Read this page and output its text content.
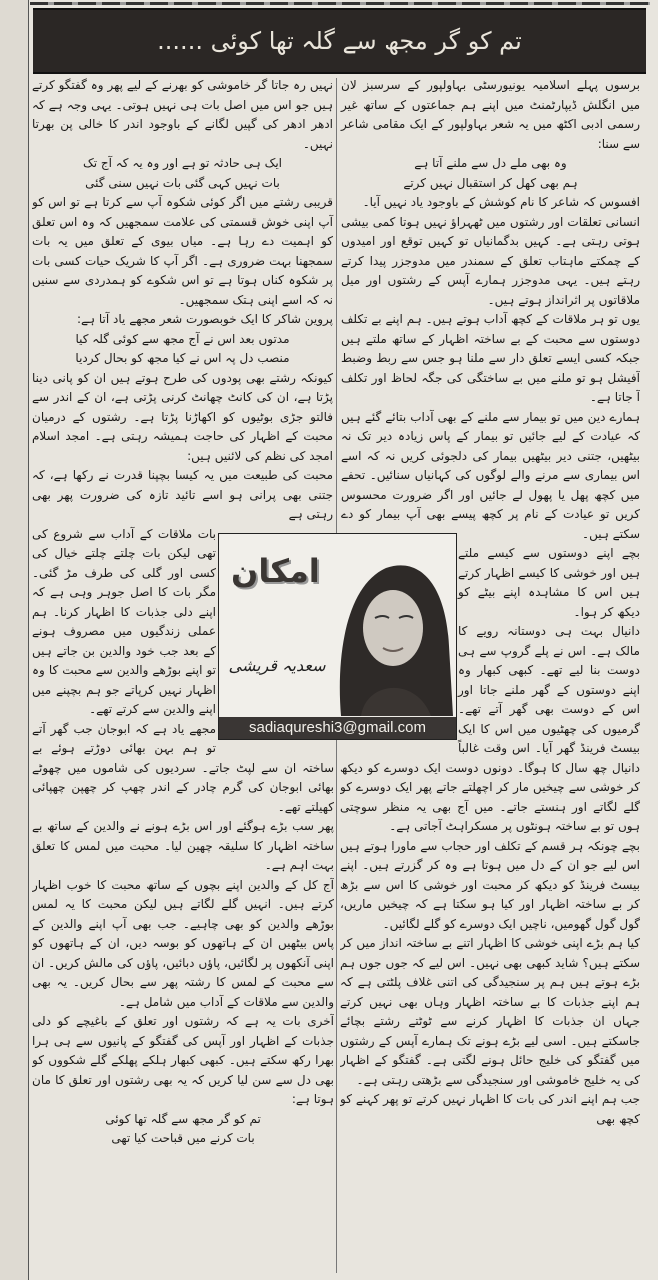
تم کو گر مجھ سے گلہ تھا کوئی ......

برسوں پہلے اسلامیہ یونیورسٹی بہاولپور کے سرسبز لان میں انگلش ڈیپارٹمنٹ میں اپنے ہم جماعتوں کے ساتھ غیر رسمی ادبی اکٹھ میں یہ شعر بہاولپور کے ایک مقامی شاعر سے سنا:

وہ بھی ملے دل سے ملنے آتا ہے
ہم بھی کھل کر استقبال نہیں کرتے

افسوس کہ شاعر کا نام کوشش کے باوجود یاد نہیں آیا۔

انسانی تعلقات اور رشتوں میں ٹھہراؤ نہیں ہوتا کمی بیشی ہوتی رہتی ہے۔ کہیں بدگمانیاں تو کہیں توقع اور امیدوں کے چمکتے ماہتاب تعلق کے سمندر میں مدوجزر پیدا کرتے رہتے ہیں۔ یہی مدوجزر ہمارے آپس کے رشتوں اور میل ملاقاتوں پر اثرانداز ہوتے ہیں۔

یوں تو ہر ملاقات کے کچھ آداب ہوتے ہیں۔ ہم اپنے بے تکلف دوستوں سے محبت کے بے ساختہ اظہار کے ساتھ ملتے ہیں جبکہ کسی ایسے تعلق دار سے ملنا ہو جس سے ربط وضبط آفیشل ہو تو ملنے میں بے ساختگی کی جگہ لحاظ اور تکلف آ جاتا ہے۔

ہمارے دین میں تو بیمار سے ملنے کے بھی آداب بتائے گئے ہیں کہ عیادت کے لیے جائیں تو بیمار کے پاس زیادہ دیر تک نہ بیٹھیں، جتنی دیر بیٹھیں بیمار کی دلجوئی کریں نہ کہ اسے اس بیماری سے مرنے والے لوگوں کی کہانیاں سنائیں۔ تحفے میں کچھ پھل یا پھول لے جائیں اور اگر ضرورت محسوس کریں تو عیادت کے نام پر کچھ پیسے بھی آپ بیمار کو دے سکتے ہیں۔

بچے اپنے دوستوں سے کیسے ملتے ہیں اور خوشی کا کیسے اظہار کرتے ہیں اس کا مشاہدہ اپنے بیٹے کو دیکھ کر ہوا۔

دانیال بہت ہی دوستانہ رویے کا مالک ہے۔ اس نے پلے گروپ سے ہی دوست بنا لیے تھے۔ کبھی کبھار وہ اپنے دوستوں کے گھر ملنے جاتا اور اس کے دوست بھی گھر آتے تھے۔ گرمیوں کی چھٹیوں میں اس کا ایک بیسٹ فرینڈ گھر آیا۔ اس وقت غالباً دانیال چھ سال کا ہوگا۔ دونوں دوست ایک دوسرے کو دیکھ کر خوشی سے چیخیں مار کر اچھلتے جاتے پھر ایک دوسرے کو گلے لگاتے اور ہنستے جاتے۔ میں آج بھی یہ منظر سوچتی ہوں تو بے ساختہ ہونٹوں پر مسکراہٹ آجاتی ہے۔

بچے چونکہ ہر قسم کے تکلف اور حجاب سے ماورا ہوتے ہیں اس لیے جو ان کے دل میں ہوتا ہے وہ کر گزرتے ہیں۔ اپنے بیسٹ فرینڈ کو دیکھ کر محبت اور خوشی کا اس سے بڑھ کر بے ساختہ اظہار اور کیا ہو سکتا ہے کہ چیخیں ماریں، گول گول گھومیں، ناچیں ایک دوسرے کو گلے لگائیں۔

کیا ہم بڑے اپنی خوشی کا اظہار اتنے بے ساختہ انداز میں کر سکتے ہیں؟ شاید کبھی بھی نہیں۔ اس لیے کہ جوں جوں ہم بڑے ہوتے ہیں ہم پر سنجیدگی کی اتنی غلاف پلٹتی ہے کہ ہم اپنے جذبات کا بے ساختہ اظہار وہاں بھی نہیں کرتے جہاں ان جذبات کا اظہار کرنے سے ٹوٹتے رشتے بچائے جاسکتے ہیں۔ اسی لیے بڑے ہونے تک ہمارے آپس کے رشتوں میں گفتگو کی خلیج حائل ہونے لگتی ہے۔ گفتگو کے اظہار کی یہ خلیج خاموشی اور سنجیدگی سے بڑھتی رہتی ہے۔

جب ہم اپنے اندر کی بات کا اظہار نہیں کرتے تو پھر کہنے کو کچھ بھی

نہیں رہ جاتا گر خاموشی کو بھرنے کے لیے پھر وہ گفتگو کرتے ہیں جو اس میں اصل بات ہی نہیں ہوتی۔ یہی وجہ ہے کہ ادھر ادھر کی گپیں لگانے کے باوجود اندر کا خالی پن بھرتا نہیں۔

ایک ہی حادثہ تو ہے اور وہ یہ کہ آج تک
بات نہیں کہی گئی بات نہیں سنی گئی

قریبی رشتے میں اگر کوئی شکوہ آپ سے کرتا ہے تو اس کو آپ اپنی خوش قسمتی کی علامت سمجھیں کہ وہ اس تعلق کو اہمیت دے رہا ہے۔ میاں بیوی کے تعلق میں یہ بات سمجھنا بہت ضروری ہے۔ اگر آپ کا شریک حیات کسی بات پر شکوہ کناں ہوتا ہے تو اس شکوے کو ہمدردی سے سنیں نہ کہ اسے اپنی ہتک سمجھیں۔

پروین شاکر کا ایک خوبصورت شعر مجھے یاد آتا ہے:

مدتوں بعد اس نے آج مجھ سے کوئی گلہ کیا
منصب دل پہ اس نے کیا مجھ کو بحال کردیا

کیونکہ رشتے بھی پودوں کی طرح ہوتے ہیں ان کو پانی دینا پڑتا ہے، ان کی کانٹ چھانٹ کرنی پڑتی ہے، ان کے اندر سے فالتو جڑی بوٹیوں کو اکھاڑنا پڑتا ہے۔ رشتوں کے درمیان محبت کے اظہار کی حاجت ہمیشہ رہتی ہے۔ امجد اسلام امجد کی نظم کی لائنیں ہیں:

محبت کی طبیعت میں یہ کیسا بچپنا قدرت نے رکھا ہے، کہ جتنی بھی پرانی ہو اسے تائید تازہ کی ضرورت پھر بھی رہتی ہے

بات ملاقات کے آداب سے شروع کی تھی لیکن بات چلتے چلتے خیال کی کسی اور گلی کی طرف مڑ گئی۔ مگر بات کا اصل جوہر وہی ہے کہ اپنے دلی جذبات کا اظہار کرنا۔ ہم عملی زندگیوں میں مصروف ہونے کے بعد جب خود والدین بن جاتے ہیں تو اپنے بوڑھے والدین سے محبت کا وہ اظہار نہیں کرپاتے جو ہم بچپنے میں اپنے والدین سے کرتے تھے۔

مجھے یاد ہے کہ ابوجان جب گھر آتے تو ہم بہن بھائی دوڑتے ہوئے بے ساختہ ان سے لپٹ جاتے۔ سردیوں کی شاموں میں چھوٹے بھائی ابوجان کی گرم چادر کے اندر چھپ کر چھپن چھپائی کھیلتے تھے۔

پھر سب بڑے ہوگئے اور اس بڑے ہونے نے والدین کے ساتھ بے ساختہ اظہار کا سلیقہ چھین لیا۔ محبت میں لمس کا تعلق بہت اہم ہے۔

آج کل کے والدین اپنے بچوں کے ساتھ محبت کا خوب اظہار کرتے ہیں۔ انہیں گلے لگاتے ہیں لیکن محبت کا یہ لمس بوڑھے والدین کو بھی چاہیے۔ جب بھی آپ اپنے والدین کے پاس بیٹھیں ان کے ہاتھوں کو بوسہ دیں، ان کے ہاتھوں کو اپنی آنکھوں پر لگائیں، پاؤں دبائیں، پاؤں کی مالش کریں۔ ان سے محبت کے لمس کا رشتہ پھر سے بحال کریں۔ یہ بھی والدین سے ملاقات کے آداب میں شامل ہے۔

آخری بات یہ ہے کہ رشتوں اور تعلق کے باغیچے کو دلی جذبات کے اظہار اور آپس کی گفتگو کے پانیوں سے ہی ہرا بھرا رکھ سکتے ہیں۔ کبھی کبھار ہلکے پھلکے گلے شکووں کو بھی دل سے سن لیا کریں کہ یہ بھی رشتوں اور تعلق کا مان ہوتا ہے:

تم کو گر مجھ سے گلہ تھا کوئی
بات کرنے میں قباحت کیا تھی
امکان
سعدیہ قریشی
sadiaqureshi3@gmail.com
